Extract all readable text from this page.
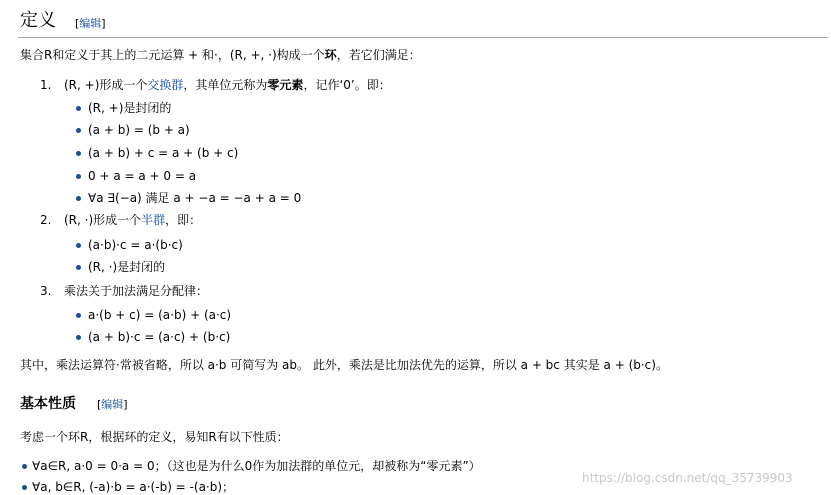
定义 [编辑]
集合R和定义于其上的二元运算 + 和·，(R, +, ·)构成一个环，若它们满足：
1. (R, +)形成一个交换群，其单位元称为零元素，记作‘0’。即：
(R, +)是封闭的
(a + b) = (b + a)
(a + b) + c = a + (b + c)
0 + a = a + 0 = a
∀a ∃(−a) 满足 a + −a = −a + a = 0
2. (R, ·)形成一个半群，即：
(a·b)·c = a·(b·c)
(R, ·)是封闭的
3. 乘法关于加法满足分配律：
a·(b + c) = (a·b) + (a·c)
(a + b)·c = (a·c) + (b·c)
其中，乘法运算符·常被省略，所以 a·b 可简写为 ab。 此外，乘法是比加法优先的运算，所以 a + bc 其实是 a + (b·c)。
基本性质 [编辑]
考虑一个环R，根据环的定义，易知R有以下性质：
∀a∈R, a·0 = 0·a = 0；（这也是为什么0作为加法群的单位元，却被称为“零元素”）
∀a, b∈R, (-a)·b = a·(-b) = -(a·b)；
https://blog.csdn.net/qq_35739903
